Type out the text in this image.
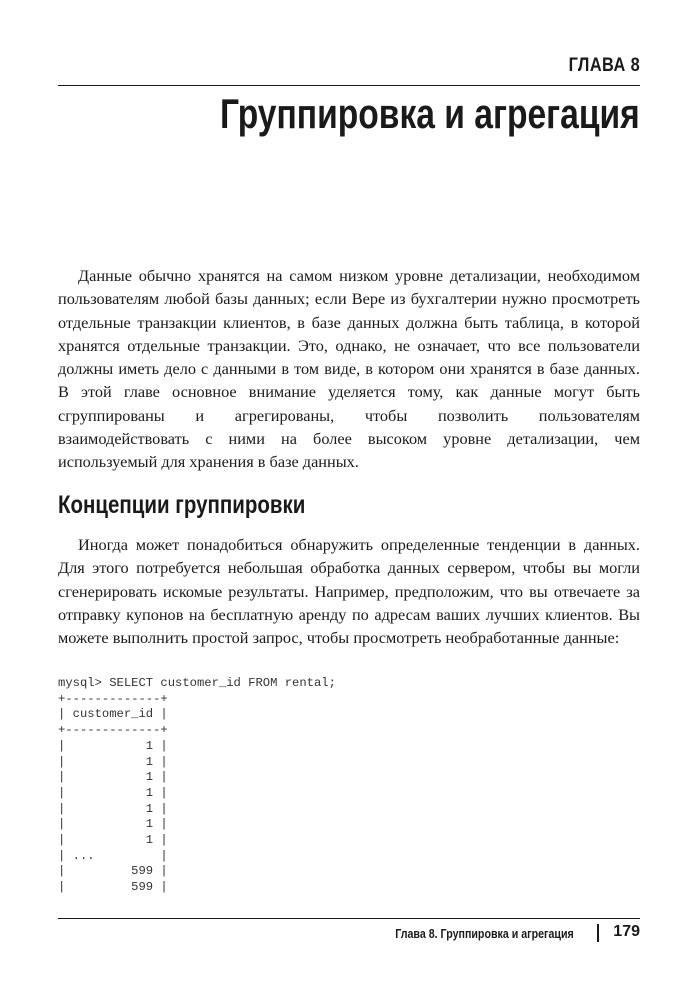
ГЛАВА 8
Группировка и агрегация

Данные обычно хранятся на самом низком уровне детализации, необходимом пользователям любой базы данных; если Вере из бухгалтерии нужно просмотреть отдельные транзакции клиентов, в базе данных должна быть таблица, в которой хранятся отдельные транзакции. Это, однако, не означает, что все пользователи должны иметь дело с данными в том виде, в котором они хранятся в базе данных. В этой главе основное внимание уделяется тому, как данные могут быть сгруппированы и агрегированы, чтобы позволить пользователям взаимодействовать с ними на более высоком уровне детализации, чем используемый для хранения в базе данных.

Концепции группировки

Иногда может понадобиться обнаружить определенные тенденции в данных. Для этого потребуется небольшая обработка данных сервером, чтобы вы могли сгенерировать искомые результаты. Например, предположим, что вы отвечаете за отправку купонов на бесплатную аренду по адресам ваших лучших клиентов. Вы можете выполнить простой запрос, чтобы просмотреть необработанные данные:

mysql> SELECT customer_id FROM rental;
+-------------+
| customer_id |
+-------------+
|           1 |
|           1 |
|           1 |
|           1 |
|           1 |
|           1 |
|           1 |
| ...         |
|         599 |
|         599 |
Глава 8. Группировка и агрегация 179
